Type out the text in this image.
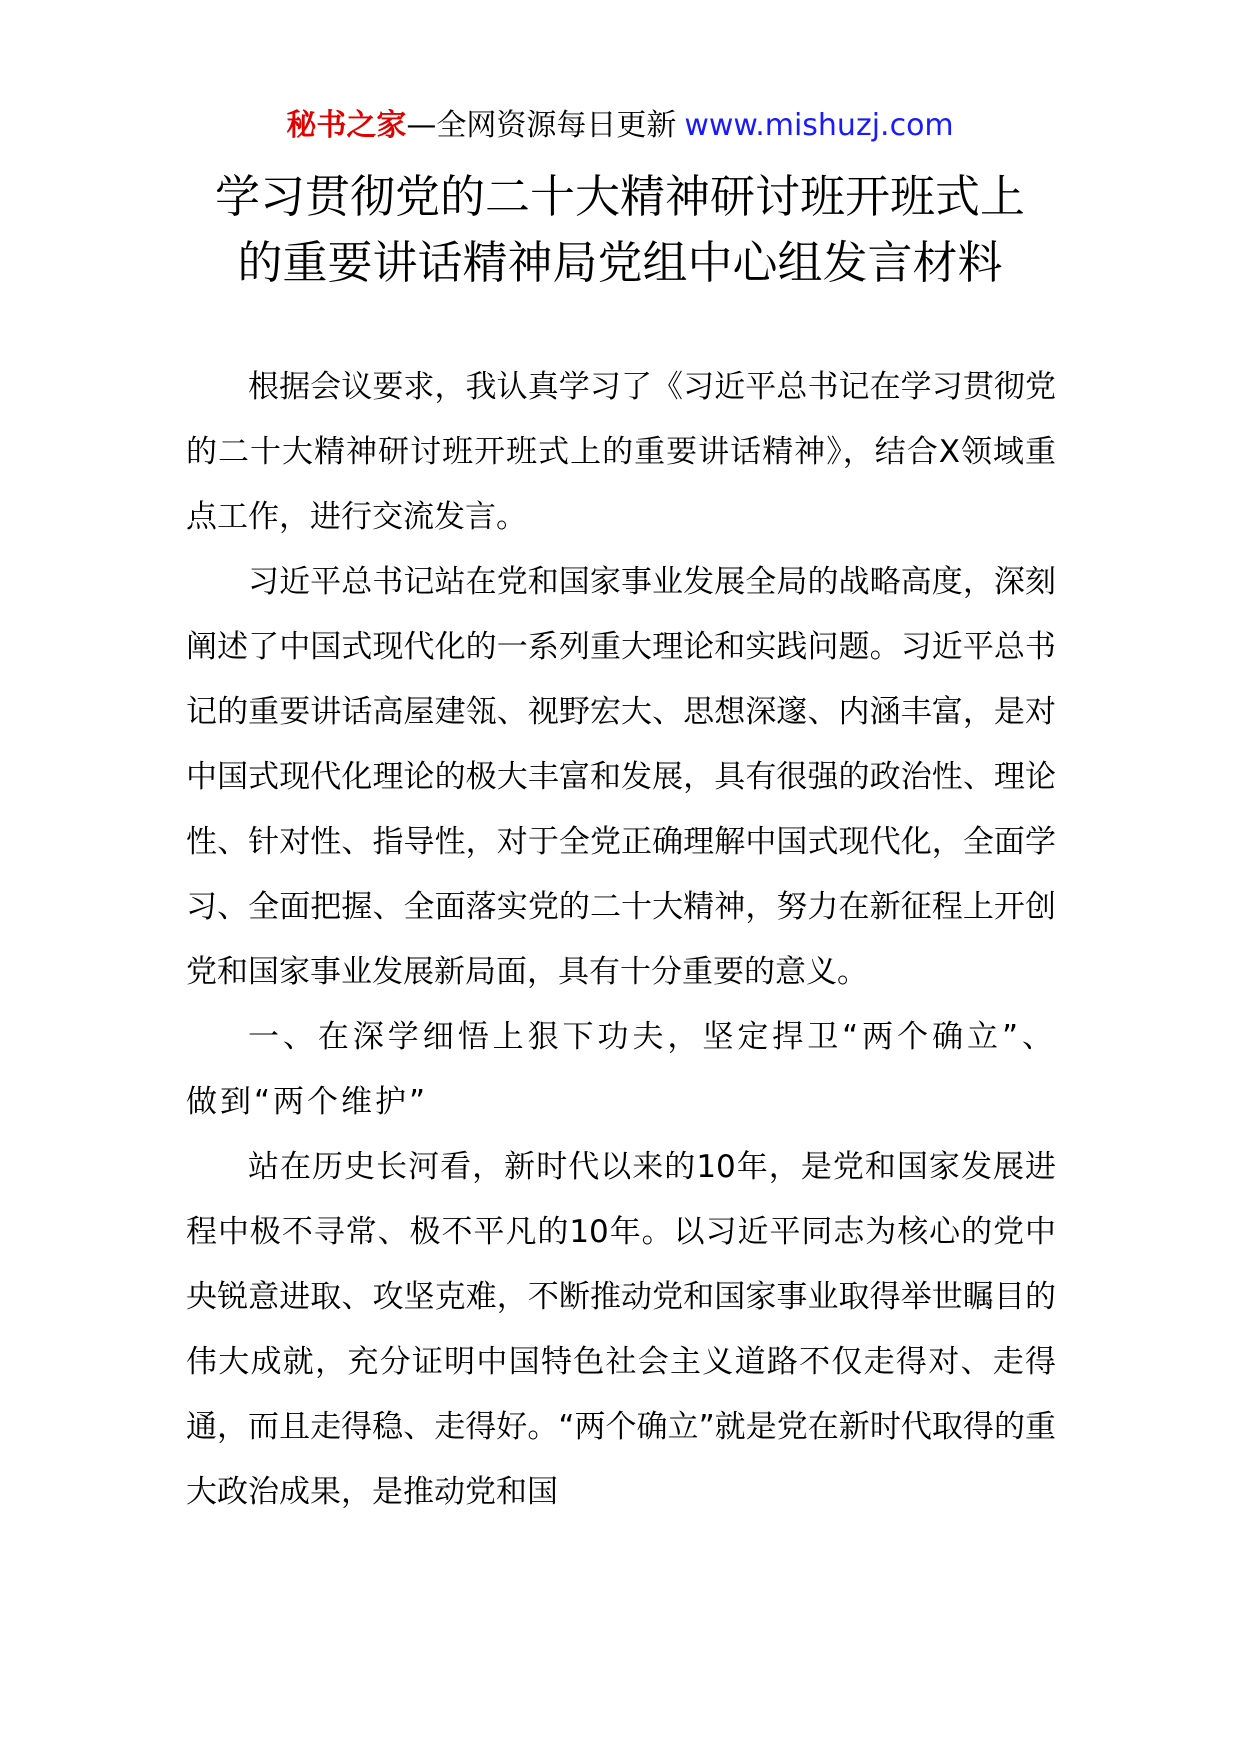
秘书之家—全网资源每日更新 www.mishuzj.com
学习贯彻党的二十大精神研讨班开班式上
的重要讲话精神局党组中心组发言材料

根据会议要求，我认真学习了《习近平总书记在学习贯彻党的二十大精神研讨班开班式上的重要讲话精神》，结合X领域重点工作，进行交流发言。

习近平总书记站在党和国家事业发展全局的战略高度，深刻阐述了中国式现代化的一系列重大理论和实践问题。习近平总书记的重要讲话高屋建瓴、视野宏大、思想深邃、内涵丰富，是对中国式现代化理论的极大丰富和发展，具有很强的政治性、理论性、针对性、指导性，对于全党正确理解中国式现代化，全面学习、全面把握、全面落实党的二十大精神，努力在新征程上开创党和国家事业发展新局面，具有十分重要的意义。

一、在深学细悟上狠下功夫，坚定捍卫“两个确立”、做到“两个维护”

站在历史长河看，新时代以来的10年，是党和国家发展进程中极不寻常、极不平凡的10年。以习近平同志为核心的党中央锐意进取、攻坚克难，不断推动党和国家事业取得举世瞩目的伟大成就，充分证明中国特色社会主义道路不仅走得对、走得通，而且走得稳、走得好。“两个确立”就是党在新时代取得的重大政治成果，是推动党和国
